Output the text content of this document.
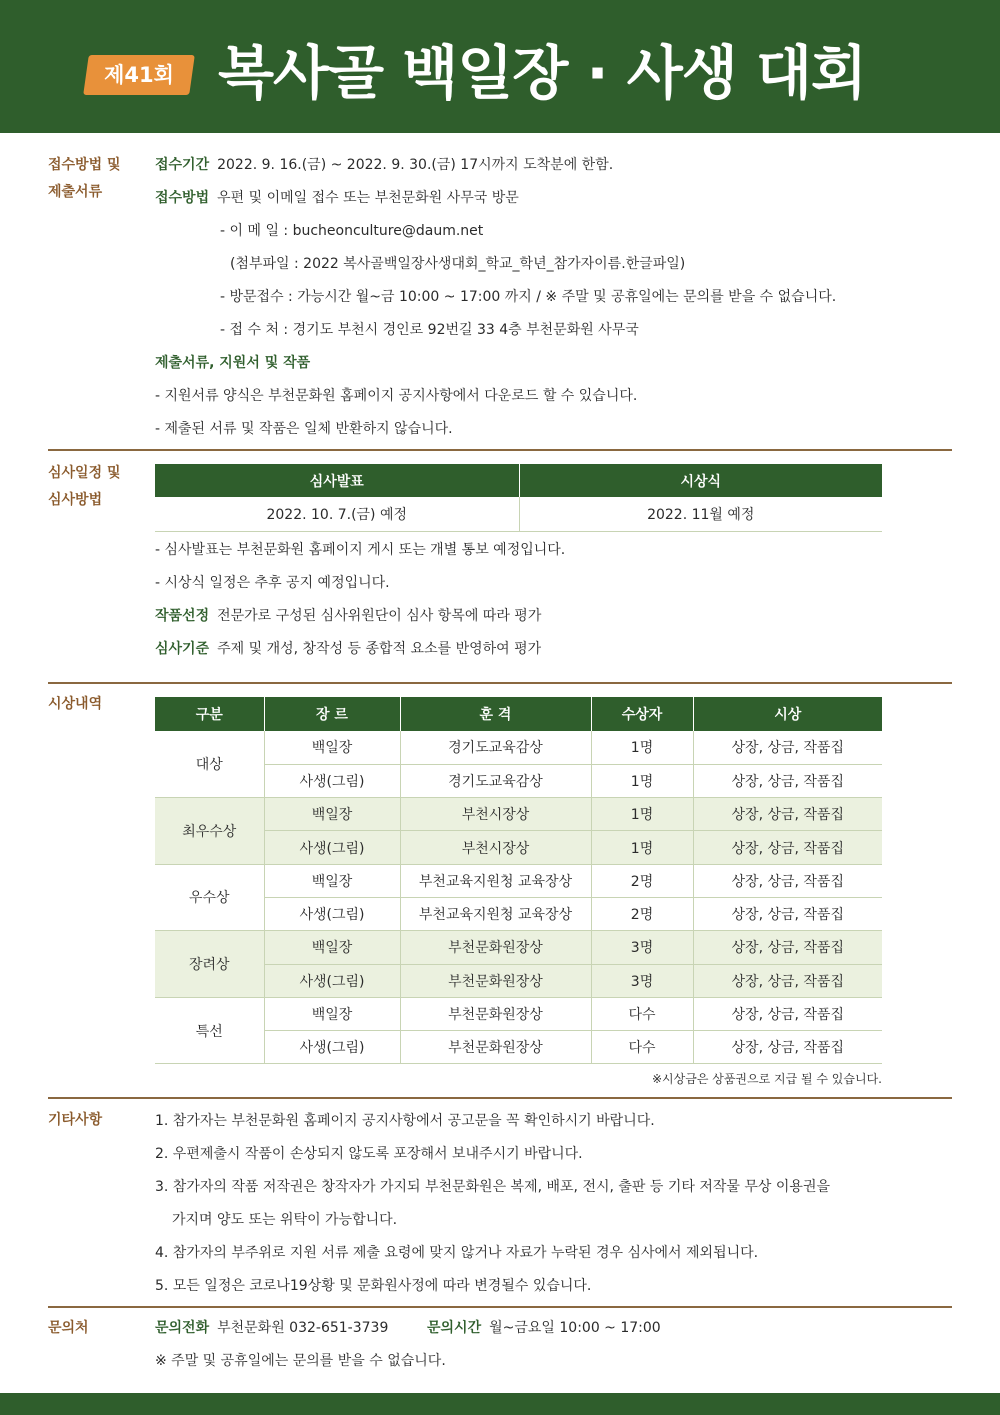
제41회 복사골 백일장 · 사생 대회
접수방법 및
제출서류
접수기간 2022. 9. 16.(금) ~ 2022. 9. 30.(금) 17시까지 도착분에 한함.
접수방법 우편 및 이메일 접수 또는 부천문화원 사무국 방문
- 이 메 일 : bucheonculture@daum.net
(첨부파일 : 2022 복사골백일장사생대회_학교_학년_참가자이름.한글파일)
- 방문접수 : 가능시간 월~금 10:00 ~ 17:00 까지 / ※ 주말 및 공휴일에는 문의를 받을 수 없습니다.
- 접 수 처 : 경기도 부천시 경인로 92번길 33 4층 부천문화원 사무국
제출서류, 지원서 및 작품
- 지원서류 양식은 부천문화원 홈페이지 공지사항에서 다운로드 할 수 있습니다.
- 제출된 서류 및 작품은 일체 반환하지 않습니다.
심사일정 및
심사방법
심사발표	시상식
2022. 10. 7.(금) 예정	2022. 11월 예정
- 심사발표는 부천문화원 홈페이지 게시 또는 개별 통보 예정입니다.
- 시상식 일정은 추후 공지 예정입니다.
작품선정 전문가로 구성된 심사위원단이 심사 항목에 따라 평가
심사기준 주제 및 개성, 창작성 등 종합적 요소를 반영하여 평가
시상내역
구분	장 르	훈 격	수상자	시상
대상	백일장	경기도교육감상	1명	상장, 상금, 작품집
	사생(그림)	경기도교육감상	1명	상장, 상금, 작품집
최우수상	백일장	부천시장상	1명	상장, 상금, 작품집
	사생(그림)	부천시장상	1명	상장, 상금, 작품집
우수상	백일장	부천교육지원청 교육장상	2명	상장, 상금, 작품집
	사생(그림)	부천교육지원청 교육장상	2명	상장, 상금, 작품집
장려상	백일장	부천문화원장상	3명	상장, 상금, 작품집
	사생(그림)	부천문화원장상	3명	상장, 상금, 작품집
특선	백일장	부천문화원장상	다수	상장, 상금, 작품집
	사생(그림)	부천문화원장상	다수	상장, 상금, 작품집
※시상금은 상품권으로 지급 될 수 있습니다.
기타사항	1. 참가자는 부천문화원 홈페이지 공지사항에서 공고문을 꼭 확인하시기 바랍니다.
2. 우편제출시 작품이 손상되지 않도록 포장해서 보내주시기 바랍니다.
3. 참가자의 작품 저작권은 창작자가 가지되 부천문화원은 복제, 배포, 전시, 출판 등 기타 저작물 무상 이용권을
가지며 양도 또는 위탁이 가능합니다.
4. 참가자의 부주위로 지원 서류 제출 요령에 맞지 않거나 자료가 누락된 경우 심사에서 제외됩니다.
5. 모든 일정은 코로나19상황 및 문화원사정에 따라 변경될수 있습니다.
문의처	문의전화 부천문화원 032-651-3739	문의시간 월~금요일 10:00 ~ 17:00
※ 주말 및 공휴일에는 문의를 받을 수 없습니다.
